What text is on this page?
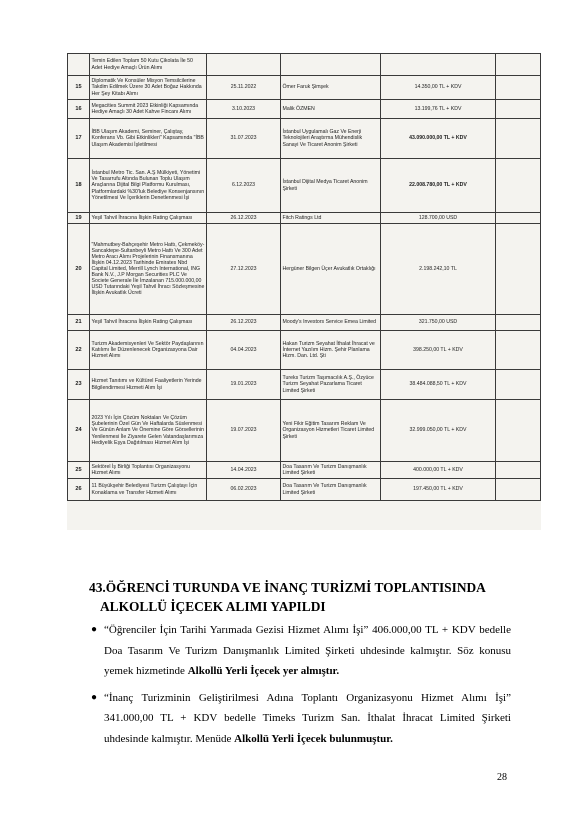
	Temin Edilen Toplam 50 Kutu Çikolata İle 50 Adet Hediye Amaçlı Ürün Alımı				
15	Diplomatik Ve Konsüler Misyon Temsilcilerine Takdim Edilmek Üzere 30 Adet Boğaz Hakkında Her Şey Kitabı Alımı	25.11.2022	Ömer Faruk Şimşek	14.350,00 TL + KDV	
16	Megacities Summit 2023 Etkinliği Kapsamında Hediye Amaçlı 30 Adet Kahve Fincanı Alımı	3.10.2023	Malik ÖZMEN	13.199,76 TL + KDV	
17	İBB Ulaşım Akademi, Seminer, Çalıştay, Konferans Vb. Gibi Etkinlikleri" Kapsamında "İBB Ulaşım Akademisi İşletilmesi	31.07.2023	İstanbul Uygulamalı Gaz Ve Enerji Teknolojileri Araştırma Mühendislik Sanayi Ve Ticaret Anonim Şirketi	43.090.000,00 TL + KDV	
18	İstanbul Metro Tic. San. A.Ş Mülkiyeti, Yönetimi Ve Tasarrufu Altında Bulunan Toplu Ulaşım Araçlarına Dijital Bilgi Platformu Kurulması, Platformlardaki %30'luk Belediye Konsenjansının Yönetilmesi Ve İçeriklerin Denetlenmesi İşi	6.12.2023	İstanbul Dijital Medya Ticaret Anonim Şirketi	22.008.780,00 TL + KDV	
19	Yeşil Tahvil İhracına İlişkin Rating Çalışması	26.12.2023	Fitch Ratings Ltd	128.700,00 USD	
20	"Mahmutbey-Bahçeşehir Metro Hattı, Çekmeköy-Sancaktepe-Sultanbeyli Metro Hattı Ve 300 Adet Metro Aracı Alımı Projelerinin Finansmanına İlişkin 04.12.2023 Tarihinde Emirates Nbd Capital Limited, Merrill Lynch International, ING Bank N.V., J.P Morgan Securities PLC Ve Societe Generale İle İmzalanan 715.000.000,00 USD Tutarındaki Yeşil Tahvil İhracı Sözleşmesine İlişkin Avukatlık Ücreti	27.12.2023	Hergüner Bilgen Üçer Avukatlık Ortaklığı	2.198.242,10 TL	
21	Yeşil Tahvil İhracına İlişkin Rating Çalışması	26.12.2023	Moody's Investors Service Emea Limited	321.750,00 USD	
22	Turizm Akademisyenleri Ve Sektör Paydaşlarının Katılımı İle Düzenlenecek Organizasyona Dair Hizmet Alımı	04.04.2023	Hakan Turizm Seyahat İthalat İhracat ve İnternet Yazılım Hizm. Şehir Planlama Hizm. Dan. Ltd. Şti	398.250,00 TL + KDV	
23	Hizmet Tanıtımı ve Kültürel Faaliyetlerin Yerinde Bilgilendirmesi Hizmeti Alım İşi	19.01.2023	Tureks Turizm Taşımacılık A.Ş., Özyüce Turizm Seyahat Pazarlama Ticaret Limited Şirketi	38.484.088,50 TL + KDV	
24	2023 Yılı İçin Çözüm Noktaları Ve Çözüm Şubelerinin Özel Gün Ve Haftalarda Süslenmesi Ve Günün Anlam Ve Önemine Göre Görsellerinin Yenilenmesi İle Ziyarete Gelen Vatandaşlarımıza Hediyelik Eşya Dağıtılması Hizmet Alım İşi	19.07.2023	Yeni Fikir Eğitim Tasarım Reklam Ve Organizasyon Hizmetleri Ticaret Limited Şirketi	32.999.050,00 TL + KDV	
25	Sektörel İş Birliği Toplantısı Organizasyonu Hizmet Alımı	14.04.2023	Doa Tasarım Ve Turizm Danışmanlık Limited Şirketi	400.000,00 TL + KDV	
26	11 Büyükşehir Belediyesi Turizm Çalıştayı İçin Konaklama ve Transfer Hizmeti Alımı	06.02.2023	Doa Tasarım Ve Turizm Danışmanlık Limited Şirketi	197.450,00 TL + KDV	
43.ÖĞRENCİ TURUNDA VE İNANÇ TURİZMİ TOPLANTISINDA
ALKOLLÜ İÇECEK ALIMI YAPILDI
● “Öğrenciler İçin Tarihi Yarımada Gezisi Hizmet Alımı İşi” 406.000,00 TL + KDV bedelle Doa Tasarım Ve Turizm Danışmanlık Limited Şirketi uhdesinde kalmıştır. Söz konusu yemek hizmetinde Alkollü Yerli İçecek yer almıştır.
● “İnanç Turizminin Geliştirilmesi Adına Toplantı Organizasyonu Hizmet Alımı İşi” 341.000,00 TL + KDV bedelle Timeks Turizm San. İthalat İhracat Limited Şirketi uhdesinde kalmıştır. Menüde Alkollü Yerli İçecek bulunmuştur.
28
